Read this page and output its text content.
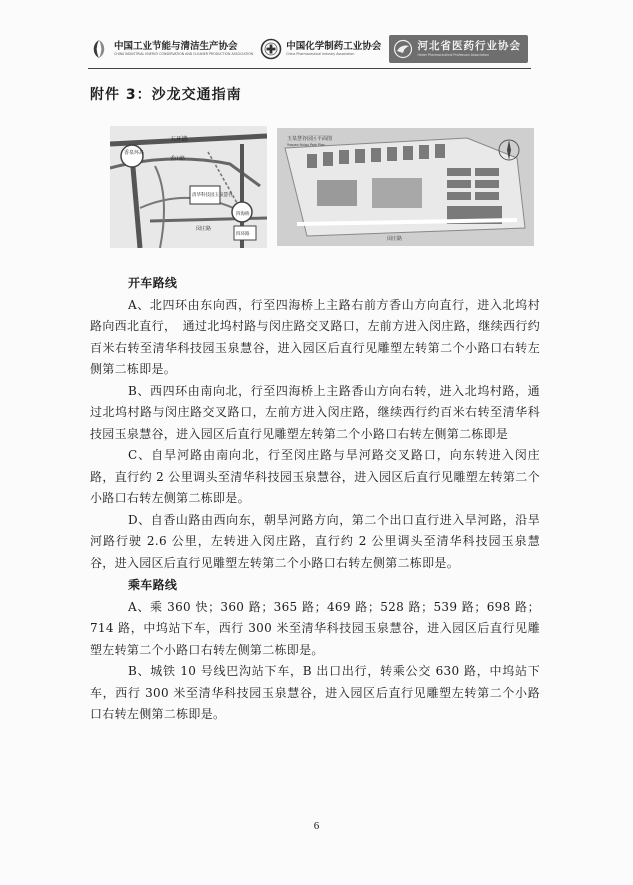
中国工业节能与清洁生产协会
CHINA INDUSTRIAL ENERGY CONSERVATION AND CLEANER PRODUCTION ASSOCIATION
中国化学制药工业协会
China Pharmaceutical Industry Association
河北省医药行业协会
Hebei Pharmaceutical Profession Association
附件 3：沙龙交通指南
五环路
香泉环岛
香山路
清华科技园玉泉慧谷
闵庄路
四海桥
四环路
玉泉慧谷园区平面图
Yuquan Huigu Park Plan
闵庄路

开车路线

A、北四环由东向西，行至四海桥上主路右前方香山方向直行，进入北坞村路向西北直行，　通过北坞村路与闵庄路交叉路口，左前方进入闵庄路，继续西行约百米右转至清华科技园玉泉慧谷，进入园区后直行见雕塑左转第二个小路口右转左侧第二栋即是。

B、西四环由南向北，行至四海桥上主路香山方向右转，进入北坞村路，通过北坞村路与闵庄路交叉路口，左前方进入闵庄路，继续西行约百米右转至清华科技园玉泉慧谷，进入园区后直行见雕塑左转第二个小路口右转左侧第二栋即是

C、自旱河路由南向北，行至闵庄路与旱河路交叉路口，向东转进入闵庄路，直行约 2 公里调头至清华科技园玉泉慧谷，进入园区后直行见雕塑左转第二个小路口右转左侧第二栋即是。

D、自香山路由西向东，朝旱河路方向，第二个出口直行进入旱河路，沿旱河路行驶 2.6 公里，左转进入闵庄路，直行约 2 公里调头至清华科技园玉泉慧谷，进入园区后直行见雕塑左转第二个小路口右转左侧第二栋即是。

乘车路线

A、乘 360 快；360 路；365 路；469 路；528 路；539 路；698 路；714 路，中坞站下车，西行 300 米至清华科技园玉泉慧谷，进入园区后直行见雕塑左转第二个小路口右转左侧第二栋即是。

B、城铁 10 号线巴沟站下车，B 出口出行，转乘公交 630 路，中坞站下车，西行 300 米至清华科技园玉泉慧谷，进入园区后直行见雕塑左转第二个小路口右转左侧第二栋即是。

6
